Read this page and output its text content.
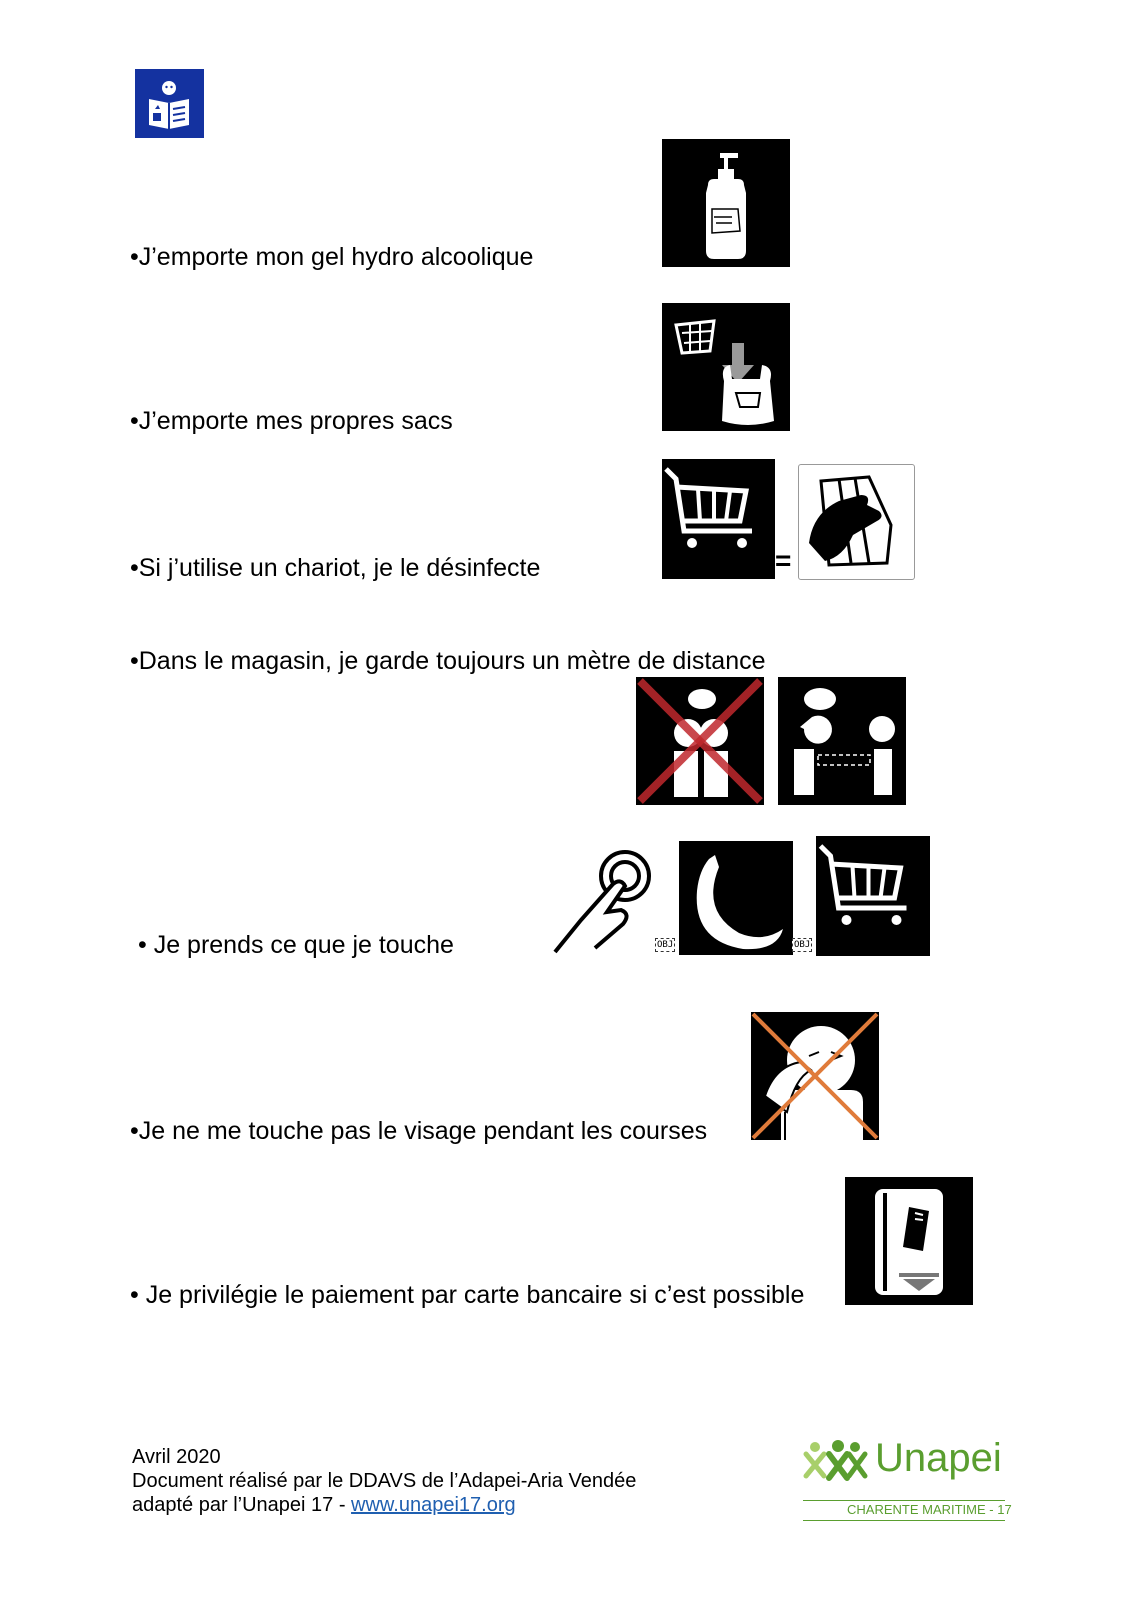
•J’emporte mon gel hydro alcoolique
•J’emporte mes propres sacs
•Si j’utilise un chariot, je le désinfecte	=
•Dans le magasin, je garde toujours un mètre de distance
• Je prends ce que je touche	OBJ	OBJ
•Je ne me touche pas le visage pendant les courses
• Je privilégie le paiement par carte bancaire si c’est possible
Avril 2020
Document réalisé par le DDAVS de l’Adapei-Aria Vendée
adapté par l’Unapei 17 - www.unapei17.org
Unapei
CHARENTE MARITIME - 17
